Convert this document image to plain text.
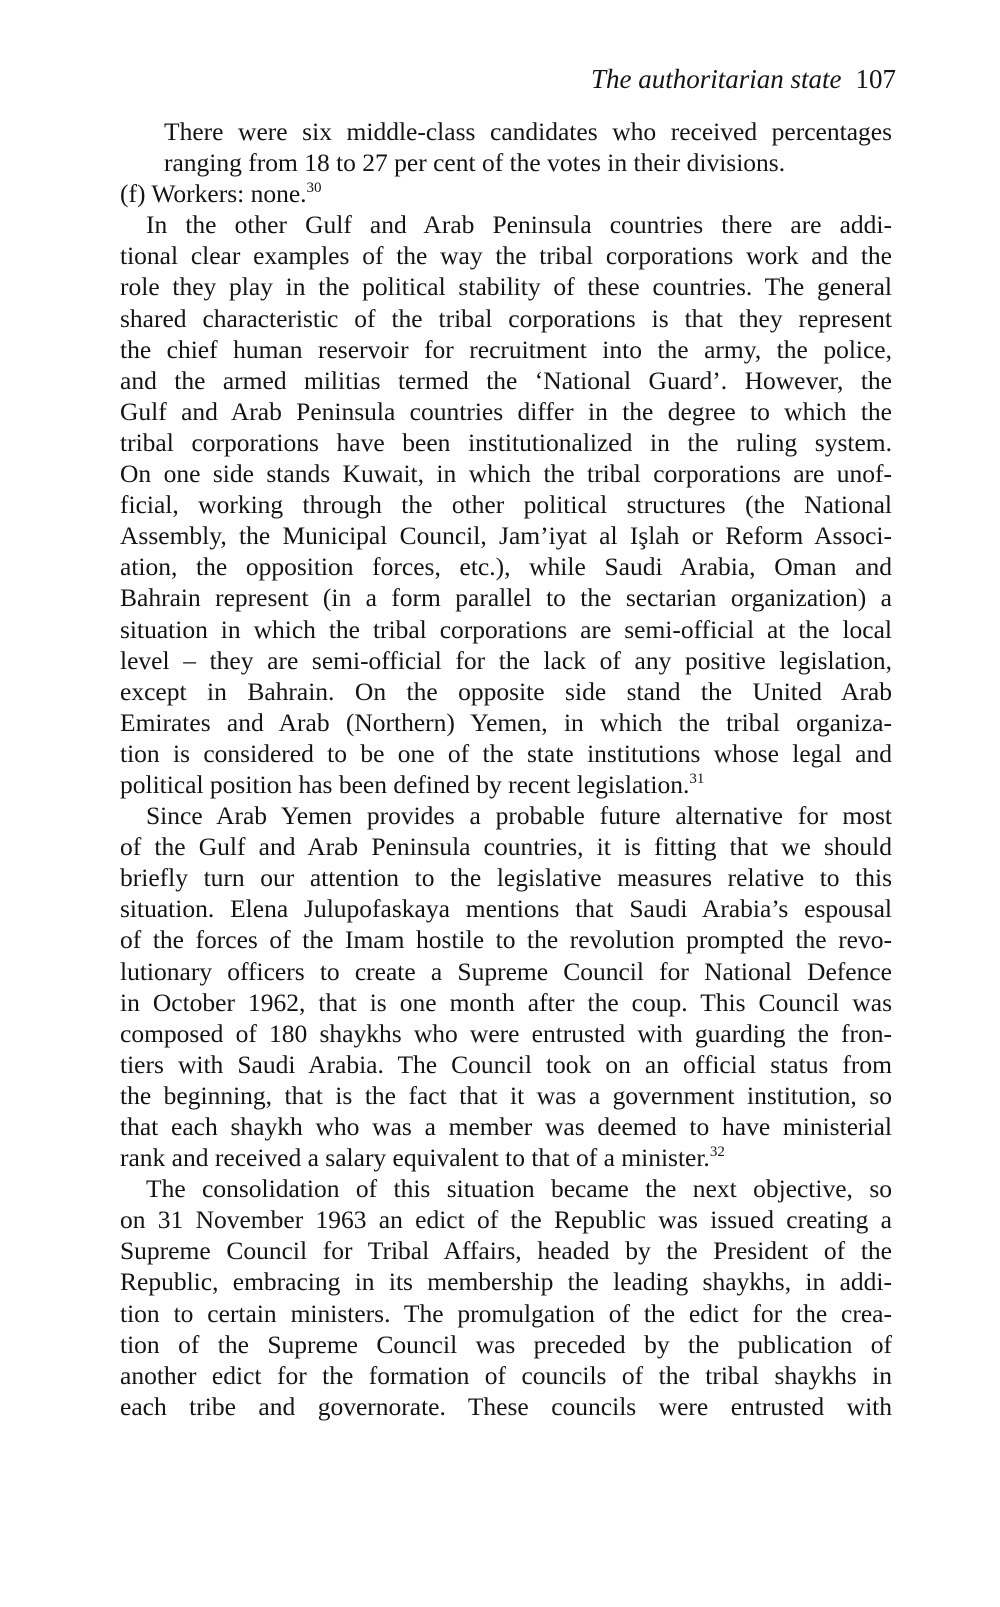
The authoritarian state 107
There were six middle-class candidates who received percentages
ranging from 18 to 27 per cent of the votes in their divisions.
(f) Workers: none.$^{30}$
In the other Gulf and Arab Peninsula countries there are addi-
tional clear examples of the way the tribal corporations work and the
role they play in the political stability of these countries. The general
shared characteristic of the tribal corporations is that they represent
the chief human reservoir for recruitment into the army, the police,
and the armed militias termed the ‘National Guard’. However, the
Gulf and Arab Peninsula countries differ in the degree to which the
tribal corporations have been institutionalized in the ruling system.
On one side stands Kuwait, in which the tribal corporations are unof-
ficial, working through the other political structures (the National
Assembly, the Municipal Council, Jam’iyat al Işlah or Reform Associ-
ation, the opposition forces, etc.), while Saudi Arabia, Oman and
Bahrain represent (in a form parallel to the sectarian organization) a
situation in which the tribal corporations are semi-official at the local
level – they are semi-official for the lack of any positive legislation,
except in Bahrain. On the opposite side stand the United Arab
Emirates and Arab (Northern) Yemen, in which the tribal organiza-
tion is considered to be one of the state institutions whose legal and
political position has been defined by recent legislation.$^{31}$
Since Arab Yemen provides a probable future alternative for most
of the Gulf and Arab Peninsula countries, it is fitting that we should
briefly turn our attention to the legislative measures relative to this
situation. Elena Julupofaskaya mentions that Saudi Arabia’s espousal
of the forces of the Imam hostile to the revolution prompted the revo-
lutionary officers to create a Supreme Council for National Defence
in October 1962, that is one month after the coup. This Council was
composed of 180 shaykhs who were entrusted with guarding the fron-
tiers with Saudi Arabia. The Council took on an official status from
the beginning, that is the fact that it was a government institution, so
that each shaykh who was a member was deemed to have ministerial
rank and received a salary equivalent to that of a minister.$^{32}$
The consolidation of this situation became the next objective, so
on 31 November 1963 an edict of the Republic was issued creating a
Supreme Council for Tribal Affairs, headed by the President of the
Republic, embracing in its membership the leading shaykhs, in addi-
tion to certain ministers. The promulgation of the edict for the crea-
tion of the Supreme Council was preceded by the publication of
another edict for the formation of councils of the tribal shaykhs in
each tribe and governorate. These councils were entrusted with
